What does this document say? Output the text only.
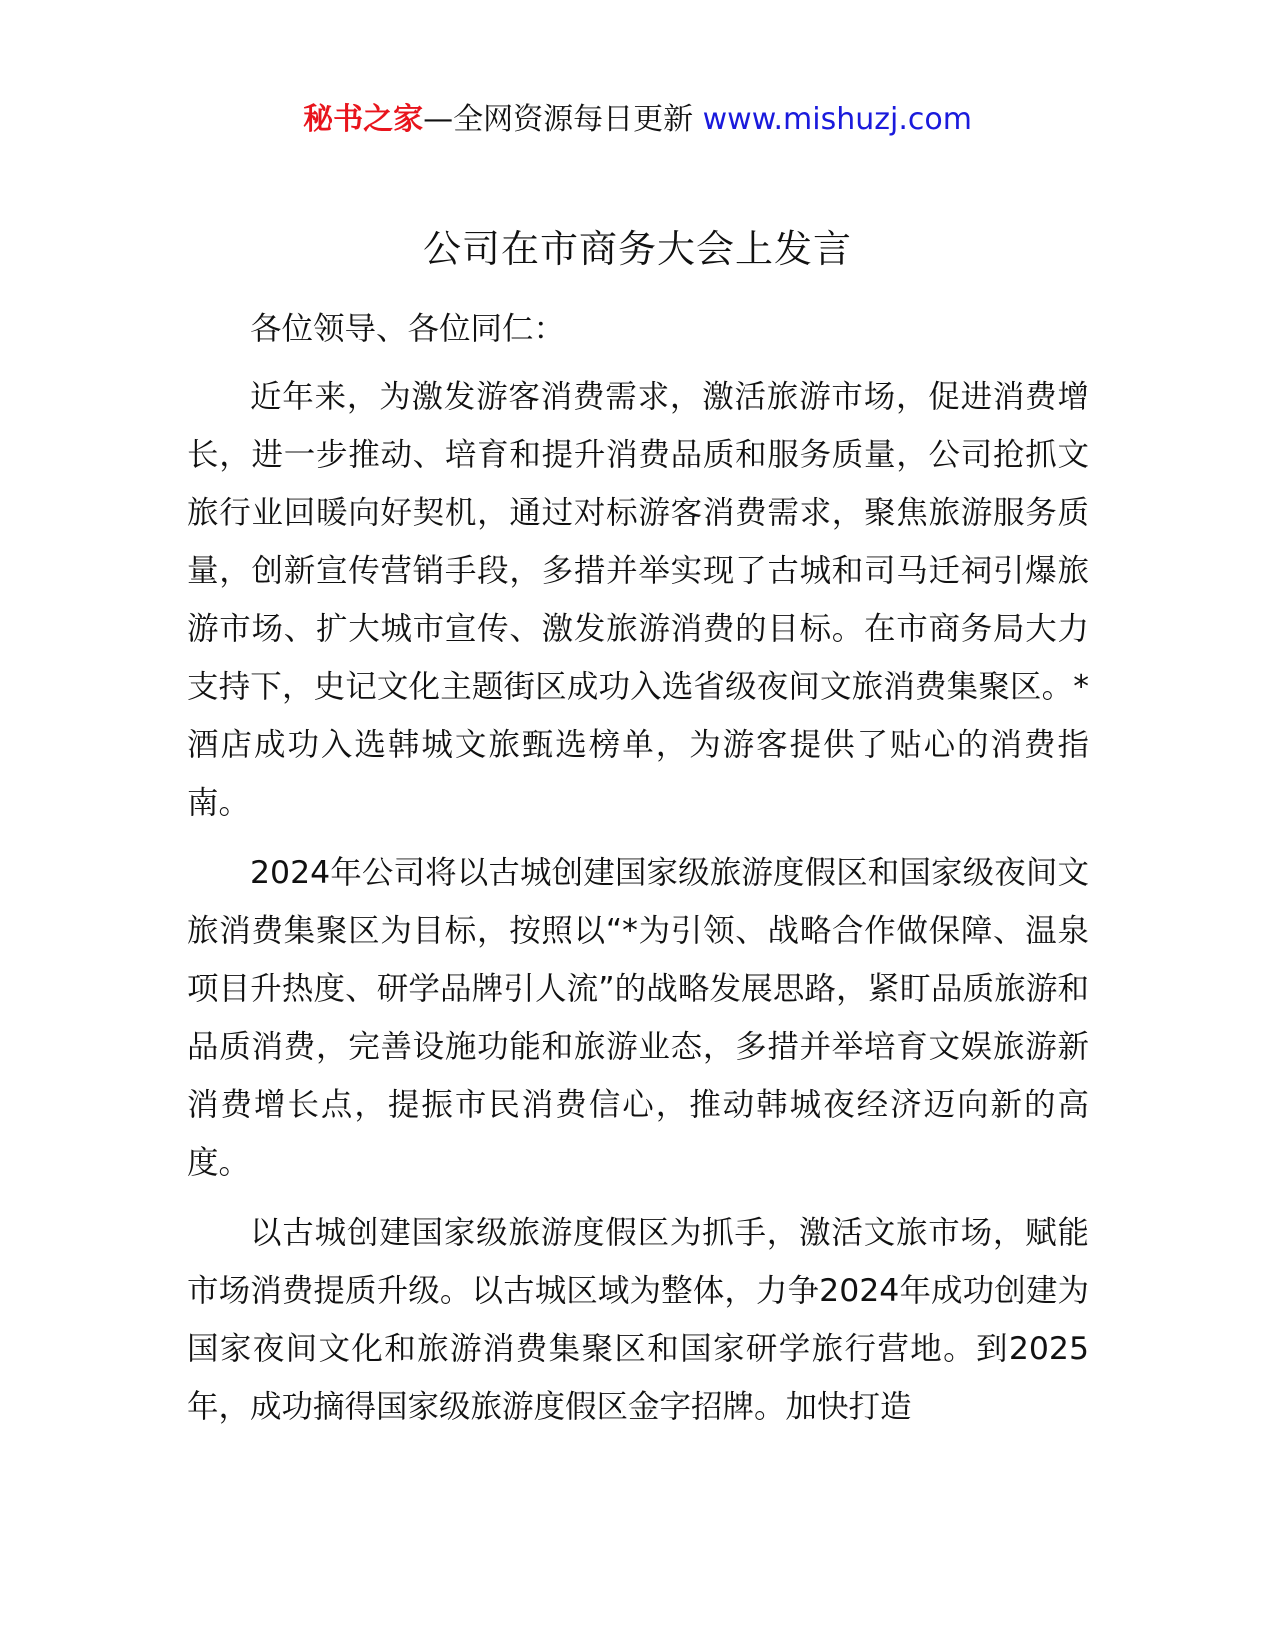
秘书之家—全网资源每日更新 www.mishuzj.com
公司在市商务大会上发言

各位领导、各位同仁：

近年来，为激发游客消费需求，激活旅游市场，促进消费增长，进一步推动、培育和提升消费品质和服务质量，公司抢抓文旅行业回暖向好契机，通过对标游客消费需求，聚焦旅游服务质量，创新宣传营销手段，多措并举实现了古城和司马迁祠引爆旅游市场、扩大城市宣传、激发旅游消费的目标。在市商务局大力支持下，史记文化主题街区成功入选省级夜间文旅消费集聚区。*酒店成功入选韩城文旅甄选榜单，为游客提供了贴心的消费指南。

2024年公司将以古城创建国家级旅游度假区和国家级夜间文旅消费集聚区为目标，按照以“*为引领、战略合作做保障、温泉项目升热度、研学品牌引人流”的战略发展思路，紧盯品质旅游和品质消费，完善设施功能和旅游业态，多措并举培育文娱旅游新消费增长点，提振市民消费信心，推动韩城夜经济迈向新的高度。

以古城创建国家级旅游度假区为抓手，激活文旅市场，赋能市场消费提质升级。以古城区域为整体，力争2024年成功创建为国家夜间文化和旅游消费集聚区和国家研学旅行营地。到2025年，成功摘得国家级旅游度假区金字招牌。加快打造
